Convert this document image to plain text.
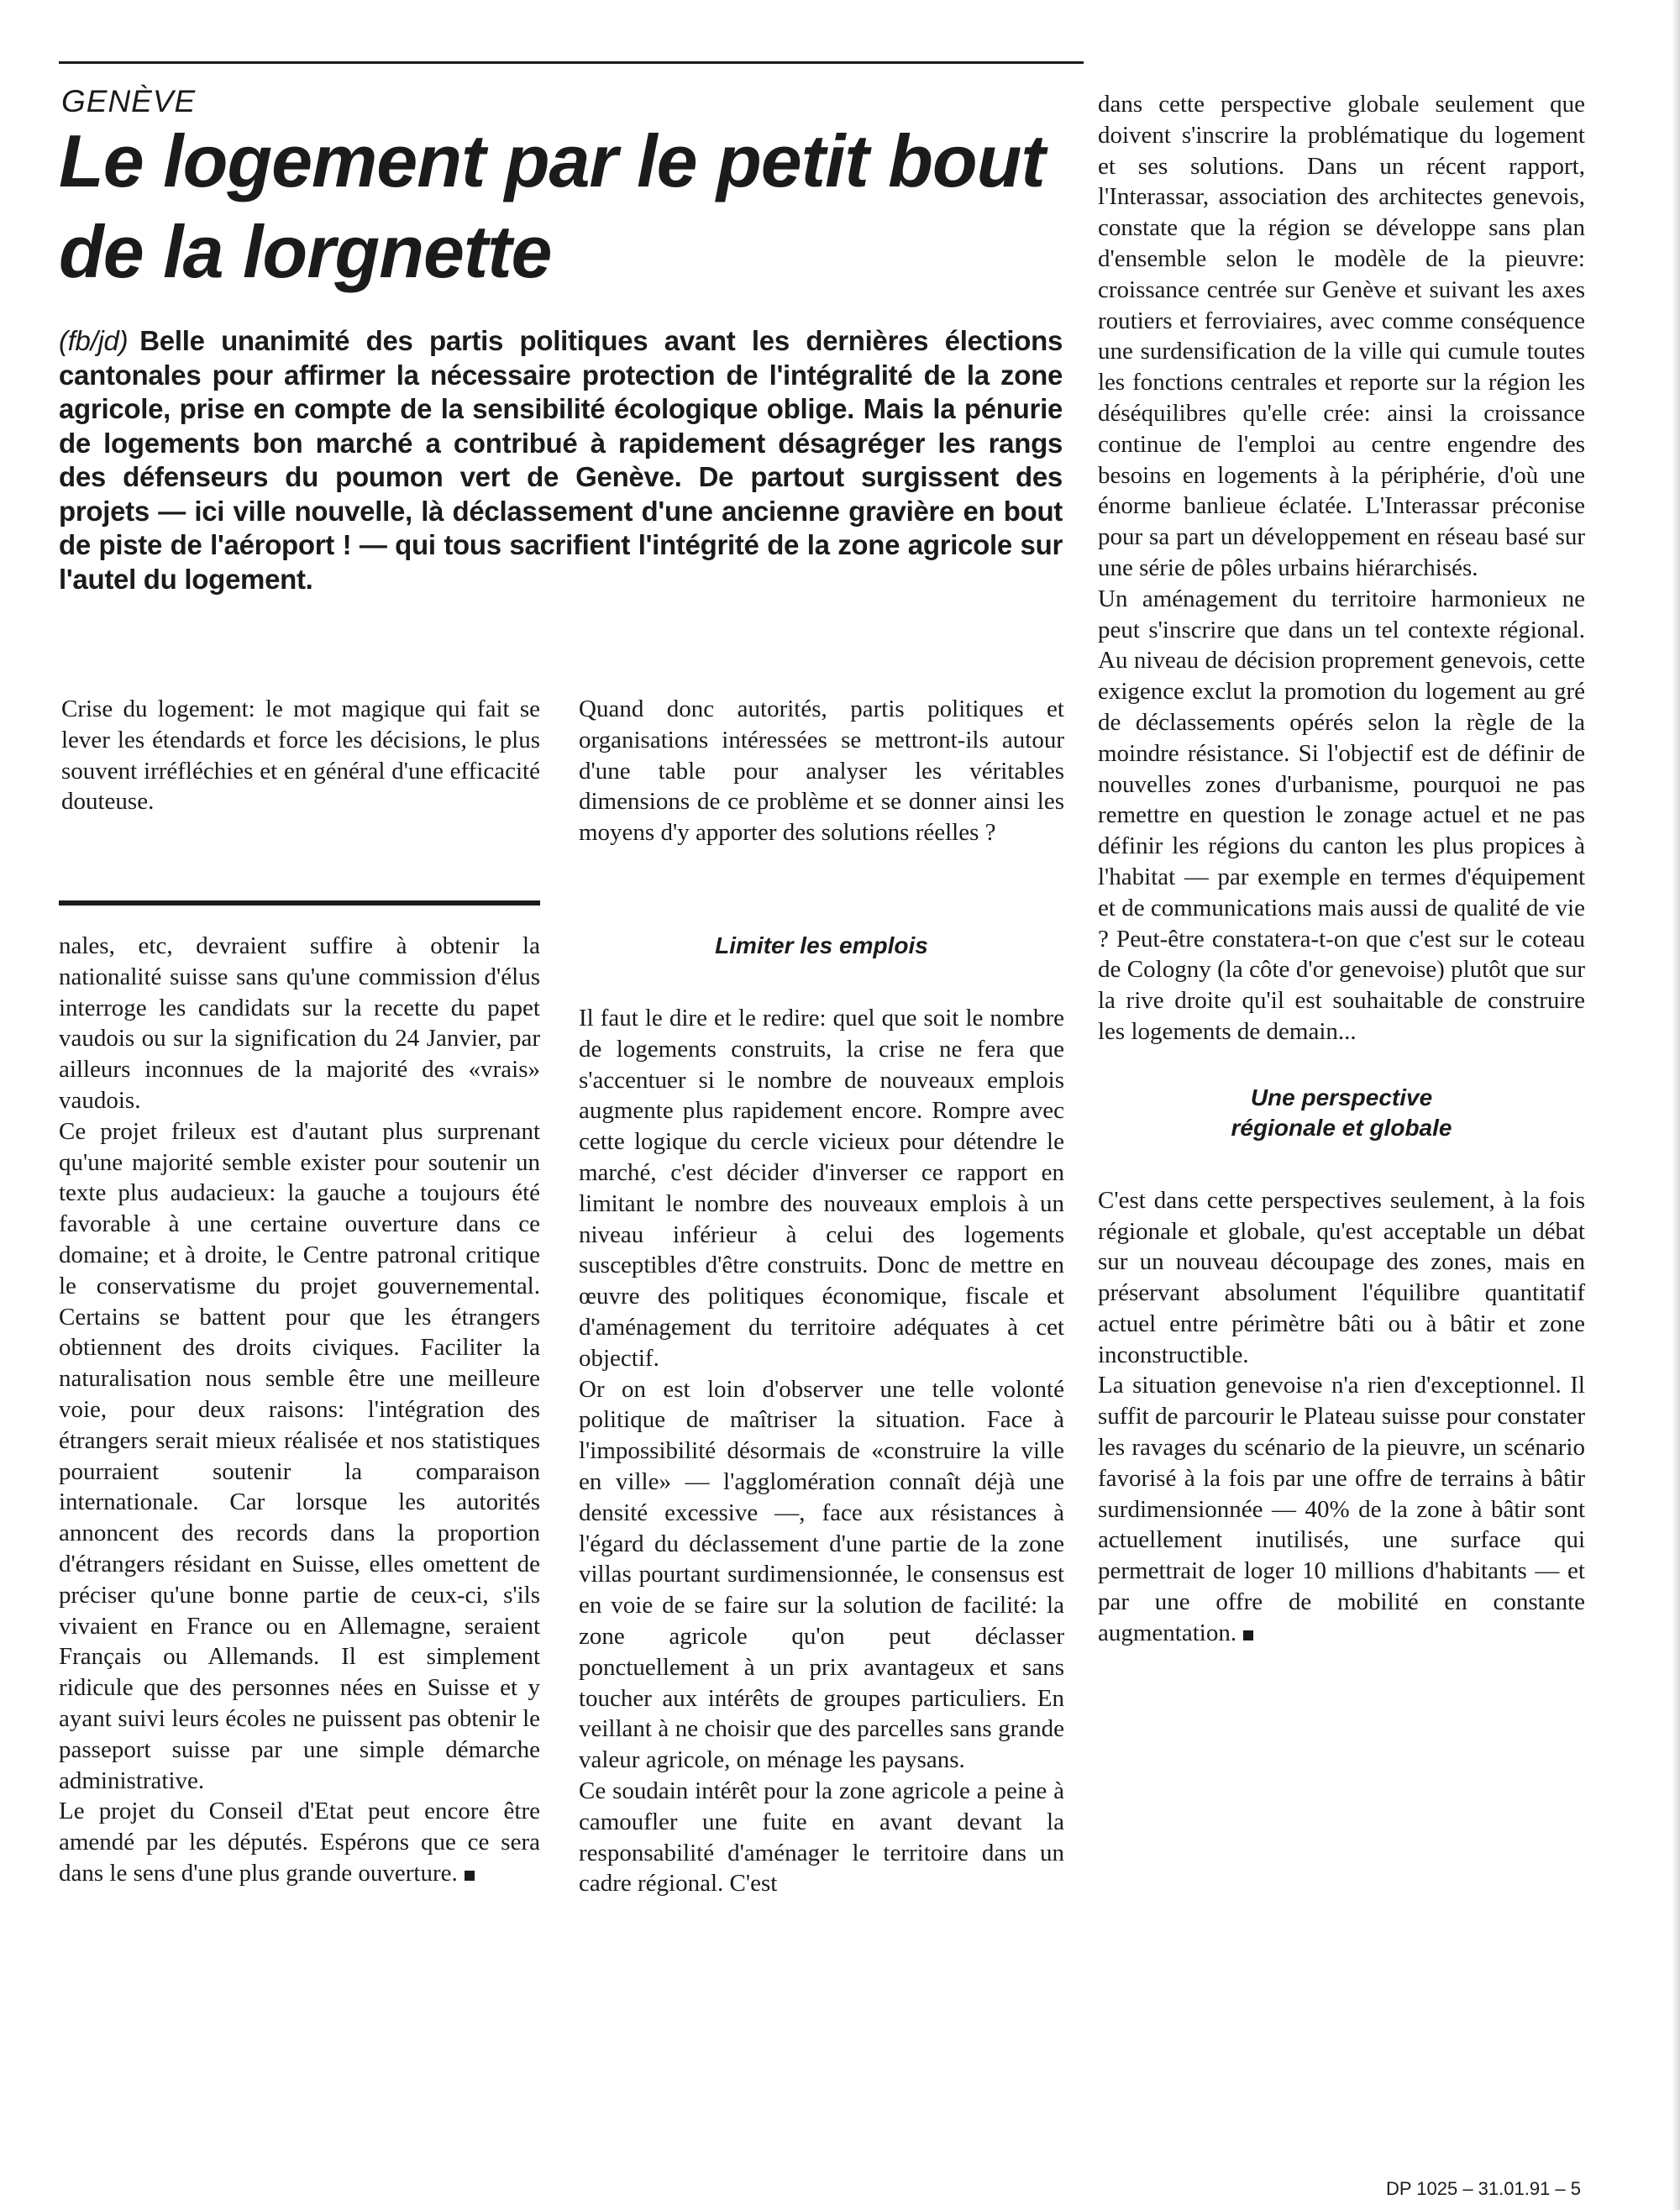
GENÈVE
Le logement par le petit bout de la lorgnette
(fb/jd) Belle unanimité des partis politiques avant les dernières élections cantonales pour affirmer la nécessaire protection de l'intégralité de la zone agricole, prise en compte de la sensibilité écologique oblige. Mais la pénurie de logements bon marché a contribué à rapidement désagréger les rangs des défenseurs du poumon vert de Genève. De partout surgissent des projets — ici ville nouvelle, là déclassement d'une ancienne gravière en bout de piste de l'aéroport ! — qui tous sacrifient l'intégrité de la zone agricole sur l'autel du logement.

Crise du logement: le mot magique qui fait se lever les étendards et force les décisions, le plus souvent irréfléchies et en général d'une efficacité douteuse.

Quand donc autorités, partis politiques et organisations intéressées se mettront-ils autour d'une table pour analyser les véritables dimensions de ce problème et se donner ainsi les moyens d'y apporter des solutions réelles ?

nales, etc, devraient suffire à obtenir la nationalité suisse sans qu'une commission d'élus interroge les candidats sur la recette du papet vaudois ou sur la signification du 24 Janvier, par ailleurs inconnues de la majorité des «vrais» vaudois.

Ce projet frileux est d'autant plus surprenant qu'une majorité semble exister pour soutenir un texte plus audacieux: la gauche a toujours été favorable à une certaine ouverture dans ce domaine; et à droite, le Centre patronal critique le conservatisme du projet gouvernemental. Certains se battent pour que les étrangers obtiennent des droits civiques. Faciliter la naturalisation nous semble être une meilleure voie, pour deux raisons: l'intégration des étrangers serait mieux réalisée et nos statistiques pourraient soutenir la comparaison internationale. Car lorsque les autorités annoncent des records dans la proportion d'étrangers résidant en Suisse, elles omettent de préciser qu'une bonne partie de ceux-ci, s'ils vivaient en France ou en Allemagne, seraient Français ou Allemands. Il est simplement ridicule que des personnes nées en Suisse et y ayant suivi leurs écoles ne puissent pas obtenir le passeport suisse par une simple démarche administrative.

Le projet du Conseil d'Etat peut encore être amendé par les députés. Espérons que ce sera dans le sens d'une plus grande ouverture.

Limiter les emplois

Il faut le dire et le redire: quel que soit le nombre de logements construits, la crise ne fera que s'accentuer si le nombre de nouveaux emplois augmente plus rapidement encore. Rompre avec cette logique du cercle vicieux pour détendre le marché, c'est décider d'inverser ce rapport en limitant le nombre des nouveaux emplois à un niveau inférieur à celui des logements susceptibles d'être construits. Donc de mettre en œuvre des politiques économique, fiscale et d'aménagement du territoire adéquates à cet objectif.

Or on est loin d'observer une telle volonté politique de maîtriser la situation. Face à l'impossibilité désormais de «construire la ville en ville» — l'agglomération connaît déjà une densité excessive —, face aux résistances à l'égard du déclassement d'une partie de la zone villas pourtant surdimensionnée, le consensus est en voie de se faire sur la solution de facilité: la zone agricole qu'on peut déclasser ponctuellement à un prix avantageux et sans toucher aux intérêts de groupes particuliers. En veillant à ne choisir que des parcelles sans grande valeur agricole, on ménage les paysans.

Ce soudain intérêt pour la zone agricole a peine à camoufler une fuite en avant devant la responsabilité d'aménager le territoire dans un cadre régional. C'est

dans cette perspective globale seulement que doivent s'inscrire la problématique du logement et ses solutions. Dans un récent rapport, l'Interassar, association des architectes genevois, constate que la région se développe sans plan d'ensemble selon le modèle de la pieuvre: croissance centrée sur Genève et suivant les axes routiers et ferroviaires, avec comme conséquence une surdensification de la ville qui cumule toutes les fonctions centrales et reporte sur la région les déséquilibres qu'elle crée: ainsi la croissance continue de l'emploi au centre engendre des besoins en logements à la périphérie, d'où une énorme banlieue éclatée. L'Interassar préconise pour sa part un développement en réseau basé sur une série de pôles urbains hiérarchisés.

Un aménagement du territoire harmonieux ne peut s'inscrire que dans un tel contexte régional. Au niveau de décision proprement genevois, cette exigence exclut la promotion du logement au gré de déclassements opérés selon la règle de la moindre résistance. Si l'objectif est de définir de nouvelles zones d'urbanisme, pourquoi ne pas remettre en question le zonage actuel et ne pas définir les régions du canton les plus propices à l'habitat — par exemple en termes d'équipement et de communications mais aussi de qualité de vie ? Peut-être constatera-t-on que c'est sur le coteau de Cologny (la côte d'or genevoise) plutôt que sur la rive droite qu'il est souhaitable de construire les logements de demain...

Une perspective

régionale et globale

C'est dans cette perspectives seulement, à la fois régionale et globale, qu'est acceptable un débat sur un nouveau découpage des zones, mais en préservant absolument l'équilibre quantitatif actuel entre périmètre bâti ou à bâtir et zone inconstructible.

La situation genevoise n'a rien d'exceptionnel. Il suffit de parcourir le Plateau suisse pour constater les ravages du scénario de la pieuvre, un scénario favorisé à la fois par une offre de terrains à bâtir surdimensionnée — 40% de la zone à bâtir sont actuellement inutilisés, une surface qui permettrait de loger 10 millions d'habitants — et par une offre de mobilité en constante augmentation.

DP 1025 – 31.01.91 – 5
